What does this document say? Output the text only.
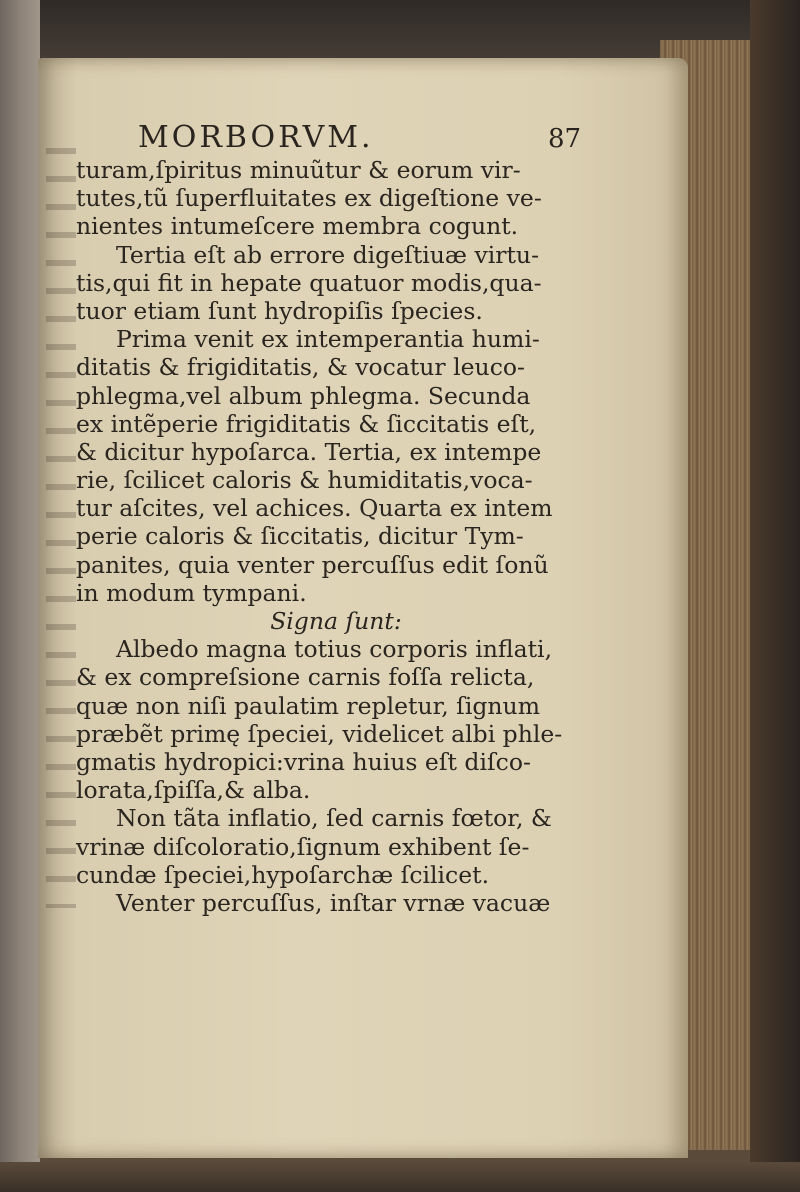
MORBORVM.	87
turam,ſpiritus minuũtur & eorum vir-
tutes,tũ ſuperfluitates ex digeſtione ve-
nientes intumeſcere membra cogunt.
Tertia eſt ab errore digeſtiuæ virtu-
tis,qui fit in hepate quatuor modis,qua-
tuor etiam ſunt hydropiſis ſpecies.
Prima venit ex intemperantia humi-
ditatis & frigiditatis, & vocatur leuco-
phlegma,vel album phlegma. Secunda
ex intẽperie frigiditatis & ſiccitatis eſt,
& dicitur hypoſarca. Tertia, ex intempe
rie, ſcilicet caloris & humiditatis,voca-
tur aſcites, vel achices. Quarta ex intem
perie caloris & ſiccitatis, dicitur Tym-
panites, quia venter percuſſus edit ſonũ
in modum tympani.
Signa ſunt:
Albedo magna totius corporis inflati,
& ex compreſsione carnis foſſa relicta,
quæ non niſi paulatim repletur, ſignum
præbẽt primę ſpeciei, videlicet albi phle-
gmatis hydropici:vrina huius eſt diſco-
lorata,ſpiſſa,& alba.
Non tãta inflatio, ſed carnis fœtor, &
vrinæ diſcoloratio,ſignum exhibent ſe-
cundæ ſpeciei,hypoſarchæ ſcilicet.
Venter percuſſus, inſtar vrnæ vacuæ
